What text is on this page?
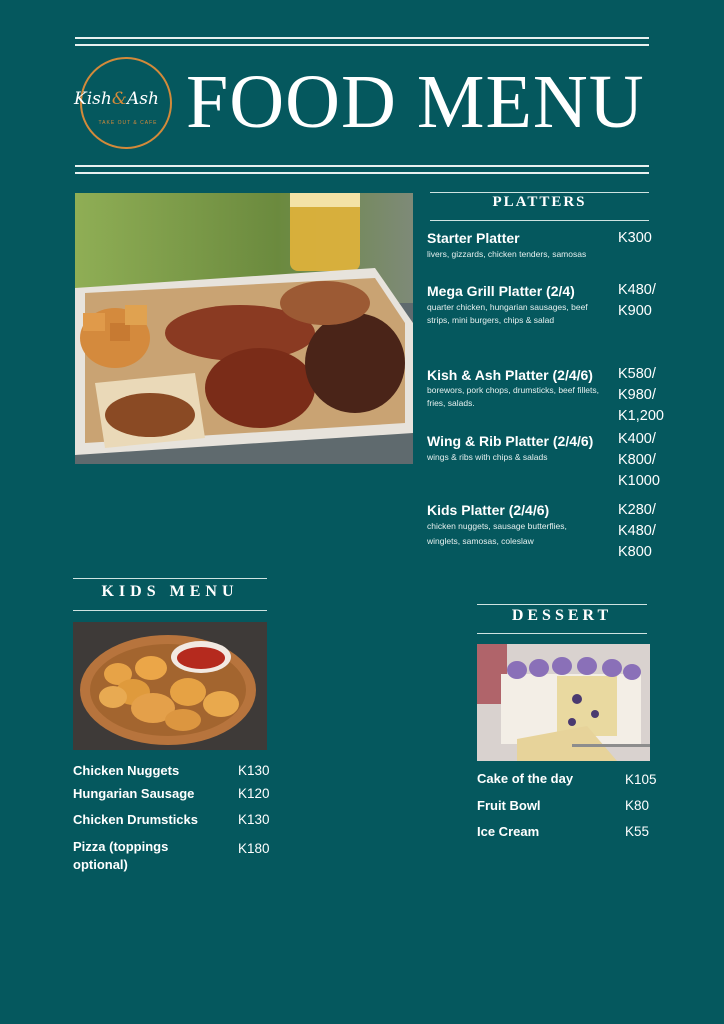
Kish&Ash
TAKE OUT & CAFE FOOD MENU
PLATTERS
Starter Platter
livers, gizzards, chicken tenders, samosas
K300
Mega Grill Platter (2/4)
quarter chicken, hungarian sausages, beef strips, mini burgers, chips & salad
K480/ K900
Kish & Ash Platter (2/4/6)
borewors, pork chops, drumsticks, beef fillets, fries, salads.
K580/ K980/ K1,200
Wing & Rib Platter (2/4/6)
wings & ribs with chips & salads
K400/ K800/ K1000
Kids Platter (2/4/6)
chicken nuggets, sausage butterflies, winglets, samosas, coleslaw
K280/ K480/ K800
KIDS MENU
Chicken Nuggets	K130
Hungarian Sausage	K120
Chicken Drumsticks	K130
Pizza (toppings optional)
K180
DESSERT
Cake of the day	K105
Fruit Bowl	K80
Ice Cream	K55
